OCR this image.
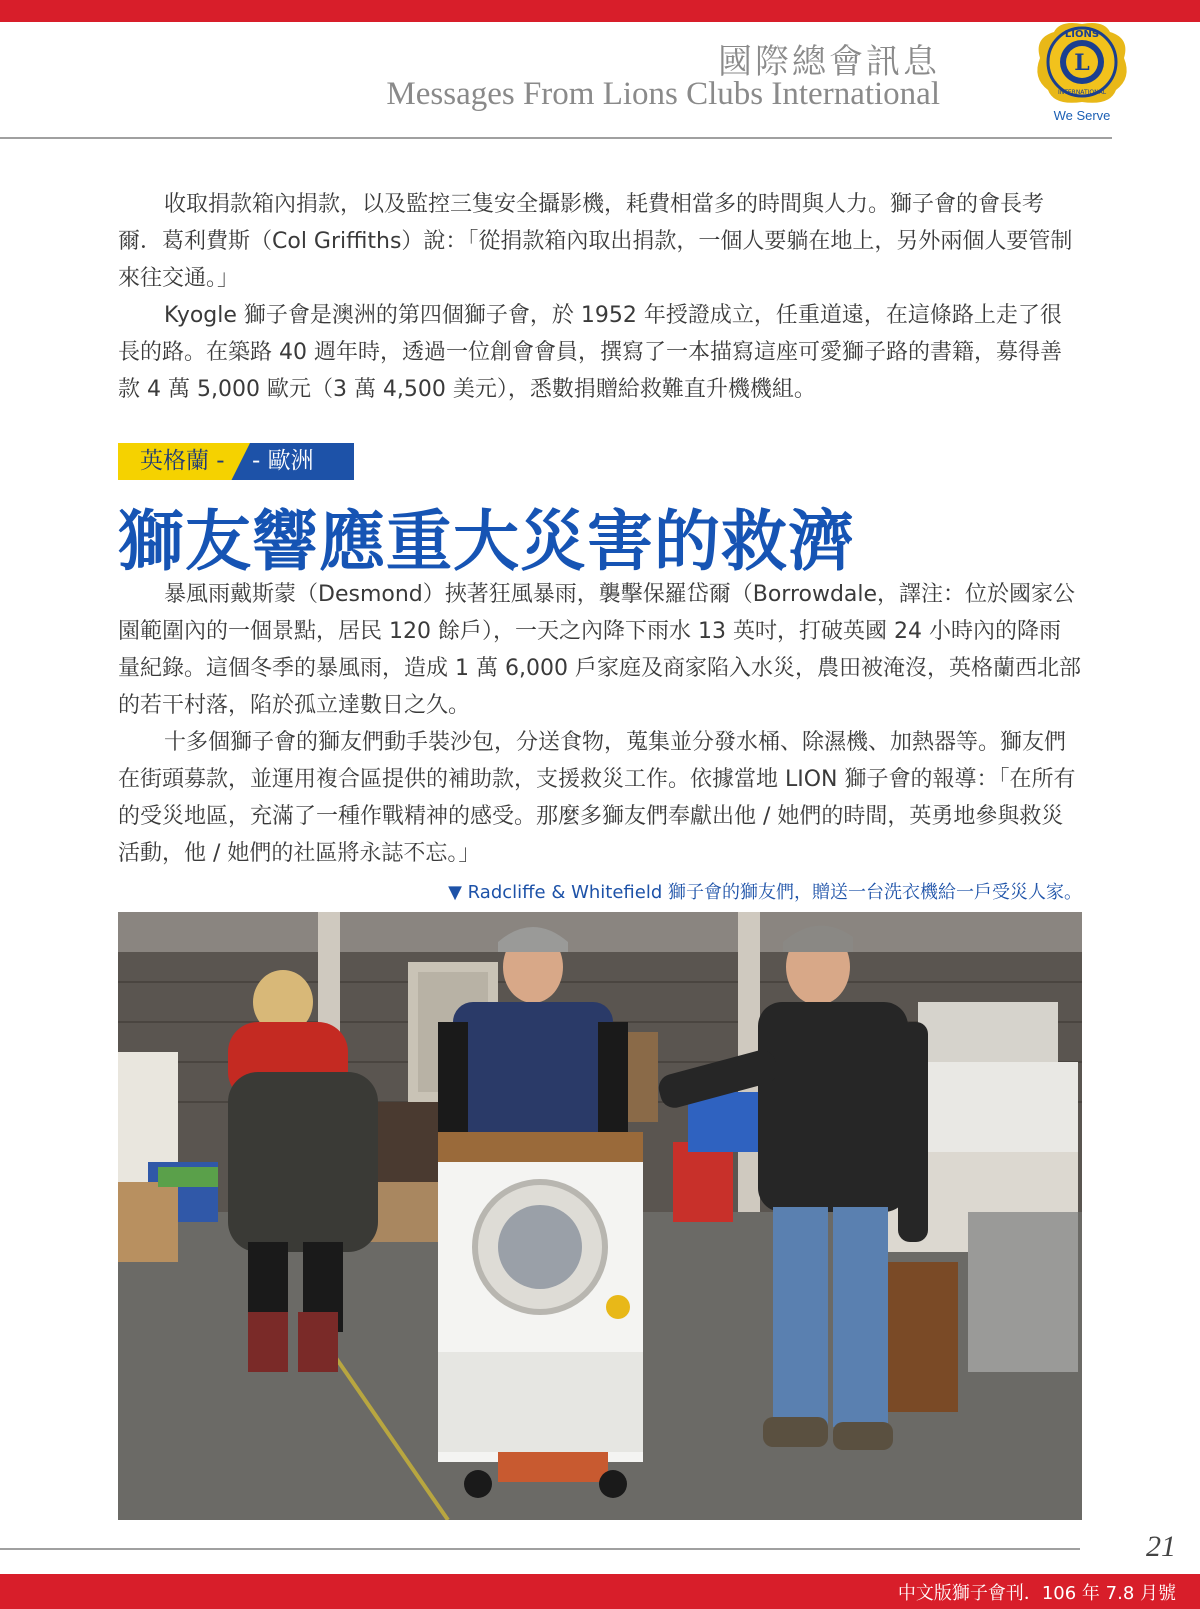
國際總會訊息
Messages From Lions Clubs International
L
LIONS
INTERNATIONAL
We Serve

收取捐款箱內捐款，以及監控三隻安全攝影機，耗費相當多的時間與人力。獅子會的會長考爾．葛利費斯（Col Griffiths）說：「從捐款箱內取出捐款，一個人要躺在地上，另外兩個人要管制來往交通。」

Kyogle 獅子會是澳洲的第四個獅子會，於 1952 年授證成立，任重道遠，在這條路上走了很長的路。在築路 40 週年時，透過一位創會會員，撰寫了一本描寫這座可愛獅子路的書籍，募得善款 4 萬 5,000 歐元（3 萬 4,500 美元），悉數捐贈給救難直升機機組。

英格蘭 - - 歐洲
獅友響應重大災害的救濟

暴風雨戴斯蒙（Desmond）挾著狂風暴雨，襲擊保羅岱爾（Borrowdale，譯注：位於國家公園範圍內的一個景點，居民 120 餘戶），一天之內降下雨水 13 英吋，打破英國 24 小時內的降雨量紀錄。這個冬季的暴風雨，造成 1 萬 6,000 戶家庭及商家陷入水災，農田被淹沒，英格蘭西北部的若干村落，陷於孤立達數日之久。

十多個獅子會的獅友們動手裝沙包，分送食物，蒐集並分發水桶、除濕機、加熱器等。獅友們在街頭募款，並運用複合區提供的補助款，支援救災工作。依據當地 LION 獅子會的報導：「在所有的受災地區，充滿了一種作戰精神的感受。那麼多獅友們奉獻出他 / 她們的時間，英勇地參與救災活動，他 / 她們的社區將永誌不忘。」

▼ Radcliffe & Whitefield 獅子會的獅友們，贈送一台洗衣機給一戶受災人家。
21
中文版獅子會刊．106 年 7.8 月號
